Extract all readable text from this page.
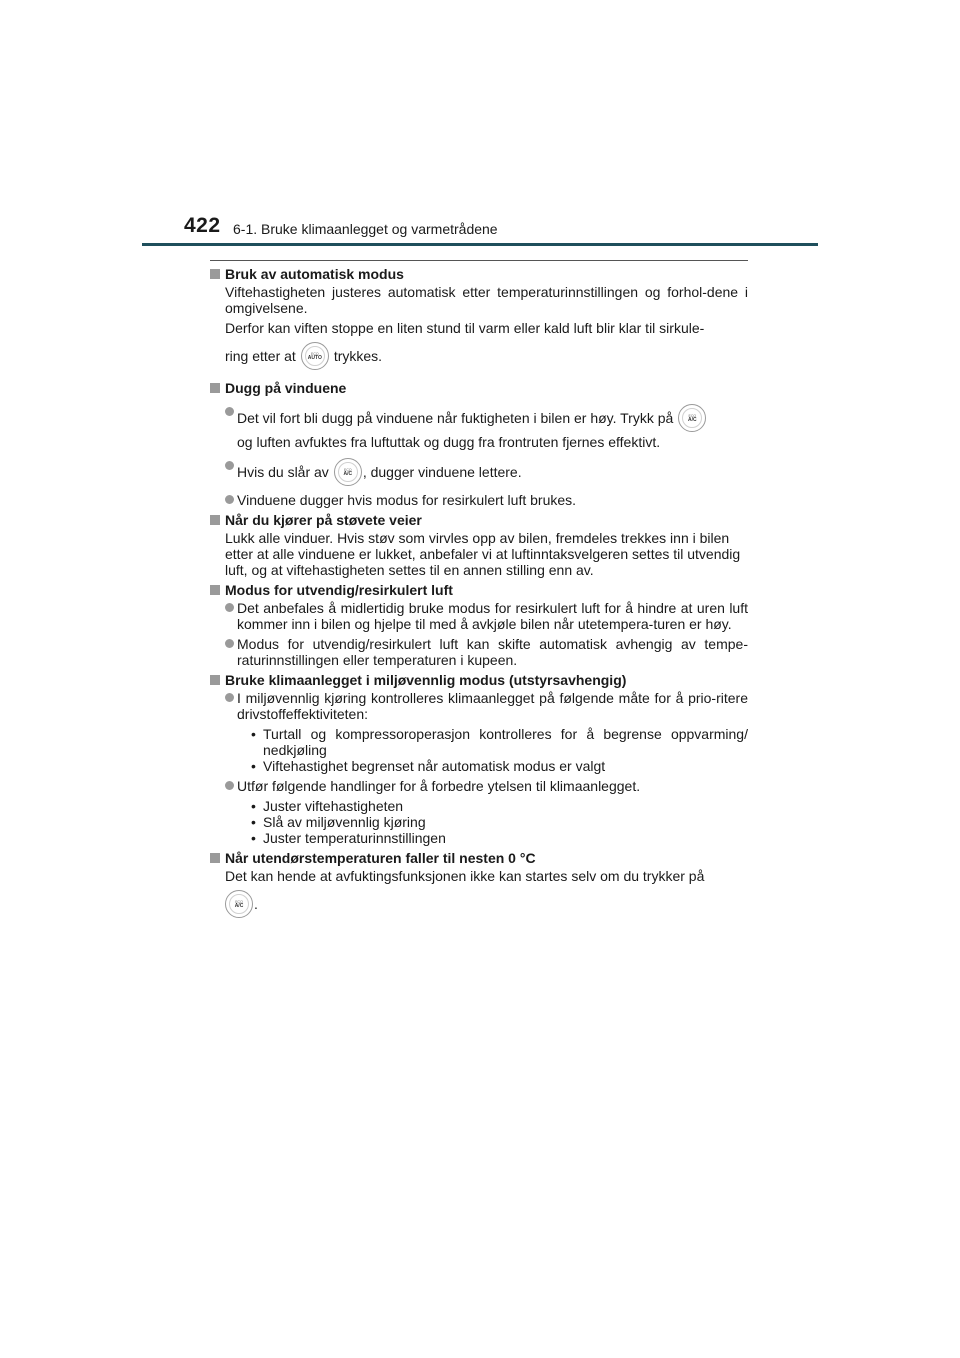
422 6-1. Bruke klimaanlegget og varmetrådene
Bruk av automatisk modus
Viftehastigheten justeres automatisk etter temperaturinnstillingen og forhol-dene i omgivelsene.
Derfor kan viften stoppe en liten stund til varm eller kald luft blir klar til sirkule-
ring etter at	ECO
AUTO trykkes.
Dugg på vinduene
Det vil fort bli dugg på vinduene når fuktigheten i bilen er høy. Trykk på	ECO
A/C
og luften avfuktes fra luftuttak og dugg fra frontruten fjernes effektivt.
Hvis du slår av	ECO
A/C , dugger vinduene lettere.
Vinduene dugger hvis modus for resirkulert luft brukes.
Når du kjører på støvete veier
Lukk alle vinduer. Hvis støv som virvles opp av bilen, fremdeles trekkes inn i bilen etter at alle vinduene er lukket, anbefaler vi at luftinntaksvelgeren settes til utvendig luft, og at viftehastigheten settes til en annen stilling enn av.
Modus for utvendig/resirkulert luft
Det anbefales å midlertidig bruke modus for resirkulert luft for å hindre at uren luft kommer inn i bilen og hjelpe til med å avkjøle bilen når utetempera-turen er høy.
Modus for utvendig/resirkulert luft kan skifte automatisk avhengig av tempe-raturinnstillingen eller temperaturen i kupeen.
Bruke klimaanlegget i miljøvennlig modus (utstyrsavhengig)
I miljøvennlig kjøring kontrolleres klimaanlegget på følgende måte for å prio-ritere drivstoffeffektiviteten:
• Turtall og kompressoroperasjon kontrolleres for å begrense oppvarming/ nedkjøling
• Viftehastighet begrenset når automatisk modus er valgt
Utfør følgende handlinger for å forbedre ytelsen til klimaanlegget.
• Juster viftehastigheten
• Slå av miljøvennlig kjøring
• Juster temperaturinnstillingen
Når utendørstemperaturen faller til nesten 0 °C
Det kan hende at avfuktingsfunksjonen ikke kan startes selv om du trykker på
ECO
A/C .
